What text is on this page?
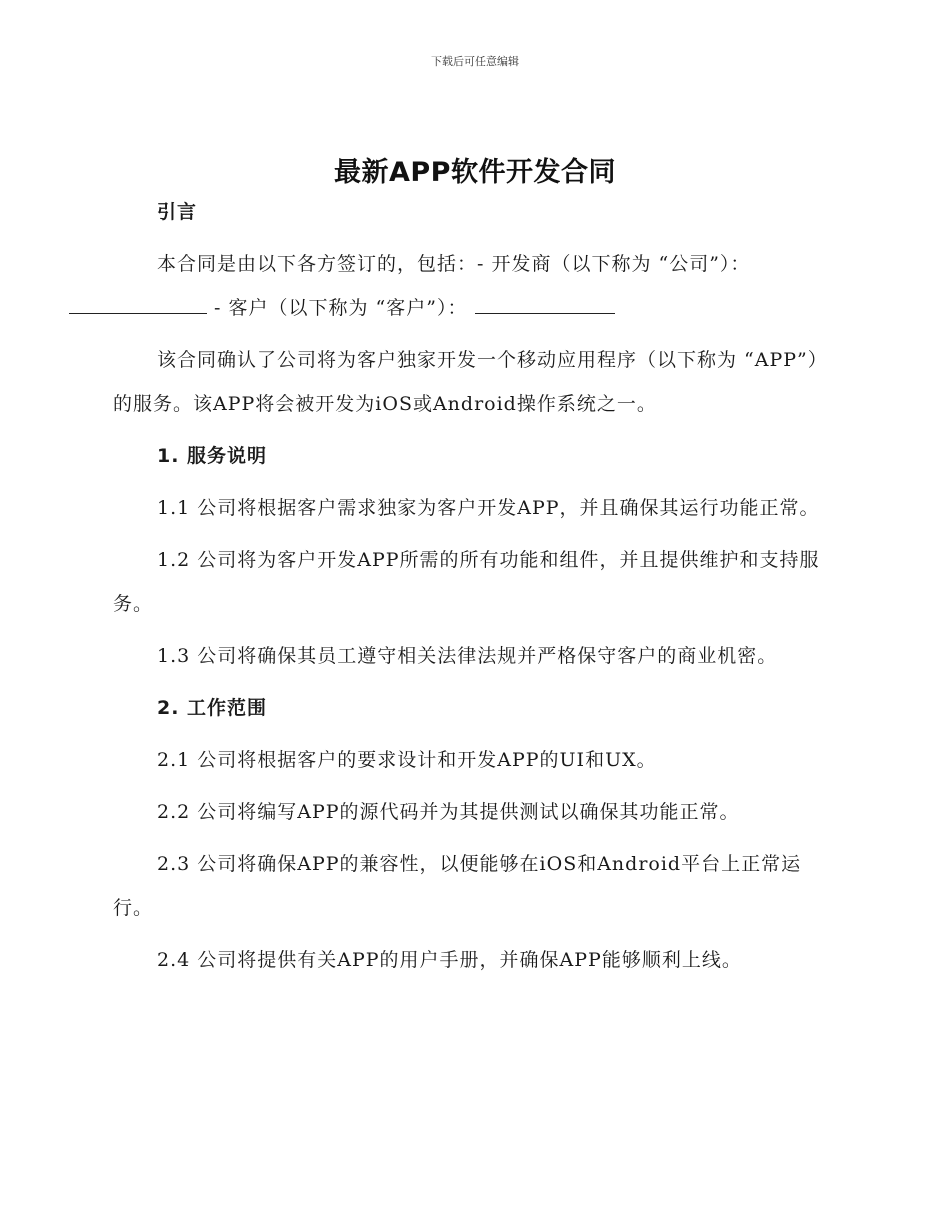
下载后可任意编辑
最新APP软件开发合同
引言

本合同是由以下各方签订的，包括：- 开发商（以下称为 “公司”）：
- 客户（以下称为 “客户”）：

该合同确认了公司将为客户独家开发一个移动应用程序（以下称为 “APP”）的服务。该APP将会被开发为iOS或Android操作系统之一。

1. 服务说明

1.1 公司将根据客户需求独家为客户开发APP，并且确保其运行功能正常。

1.2 公司将为客户开发APP所需的所有功能和组件，并且提供维护和支持服务。

1.3 公司将确保其员工遵守相关法律法规并严格保守客户的商业机密。

2. 工作范围

2.1 公司将根据客户的要求设计和开发APP的UI和UX。

2.2 公司将编写APP的源代码并为其提供测试以确保其功能正常。

2.3 公司将确保APP的兼容性，以便能够在iOS和Android平台上正常运行。

2.4 公司将提供有关APP的用户手册，并确保APP能够顺利上线。
